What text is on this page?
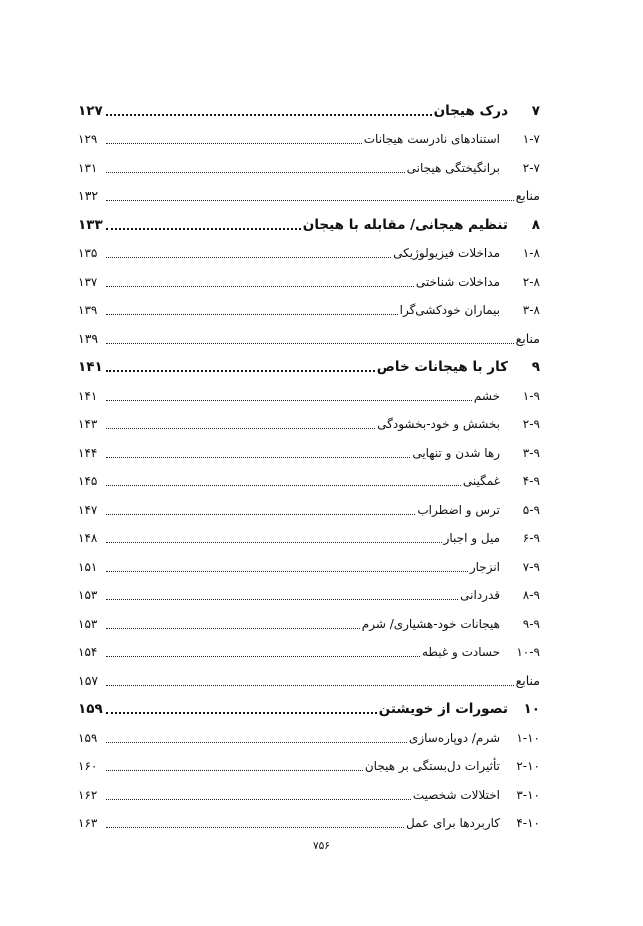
۷
درک هیجان
۱۲۷
۱-۷
استنادهای نادرست هیجانات
۱۲۹
۲-۷
برانگیختگی هیجانی
۱۳۱
منابع
۱۳۲
۸
تنظیم هیجانی/ مقابله با هیجان
۱۳۳
۱-۸
مداخلات فیزیولوژیکی
۱۳۵
۲-۸
مداخلات شناختی
۱۳۷
۳-۸
بیماران خودکشی‌گرا
۱۳۹
منابع
۱۳۹
۹
کار با هیجانات خاص
۱۴۱
۱-۹
خشم
۱۴۱
۲-۹
بخشش و خود-بخشودگی
۱۴۳
۳-۹
رها شدن و تنهایی
۱۴۴
۴-۹
غمگینی
۱۴۵
۵-۹
ترس و اضطراب
۱۴۷
۶-۹
میل و اجبار
۱۴۸
۷-۹
انزجار
۱۵۱
۸-۹
قدردانی
۱۵۳
۹-۹
هیجانات خود-هشیاری/ شرم
۱۵۳
۱۰-۹
حسادت و غبطه
۱۵۴
منابع
۱۵۷
۱۰
تصورات از خویشتن
۱۵۹
۱-۱۰
شرم/ دوپاره‌سازی
۱۵۹
۲-۱۰
تأثیرات دل‌بستگی بر هیجان
۱۶۰
۳-۱۰
اختلالات شخصیت
۱۶۲
۴-۱۰
کاربردها برای عمل
۱۶۳
۷۵۶
